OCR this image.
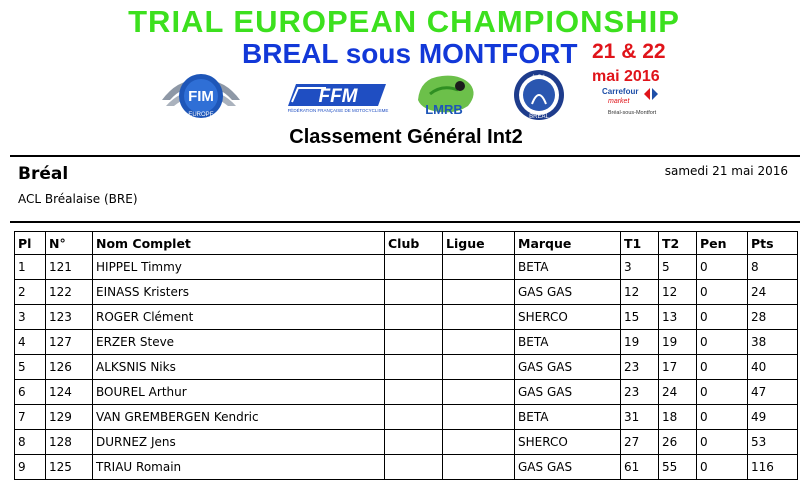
TRIAL EUROPEAN CHAMPIONSHIP
BREAL sous MONTFORT 21 & 22
mai 2016
FIM
EUROPE
FFM
FÉDÉRATION FRANÇAISE DE MOTOCYCLISME	LMRB
A.C.L
BREAL
Carrefour
market
Bréal-sous-Montfort
Classement Général Int2
Bréal
ACL Bréalaise (BRE)
samedi 21 mai 2016
Pl	N°	Nom Complet	Club	Ligue	Marque	T1	T2	Pen	Pts
1	121	HIPPEL Timmy			BETA	3	5	0	8
2	122	EINASS Kristers			GAS GAS	12	12	0	24
3	123	ROGER Clément			SHERCO	15	13	0	28
4	127	ERZER Steve			BETA	19	19	0	38
5	126	ALKSNIS Niks			GAS GAS	23	17	0	40
6	124	BOUREL Arthur			GAS GAS	23	24	0	47
7	129	VAN GREMBERGEN Kendric			BETA	31	18	0	49
8	128	DURNEZ Jens			SHERCO	27	26	0	53
9	125	TRIAU Romain			GAS GAS	61	55	0	116
